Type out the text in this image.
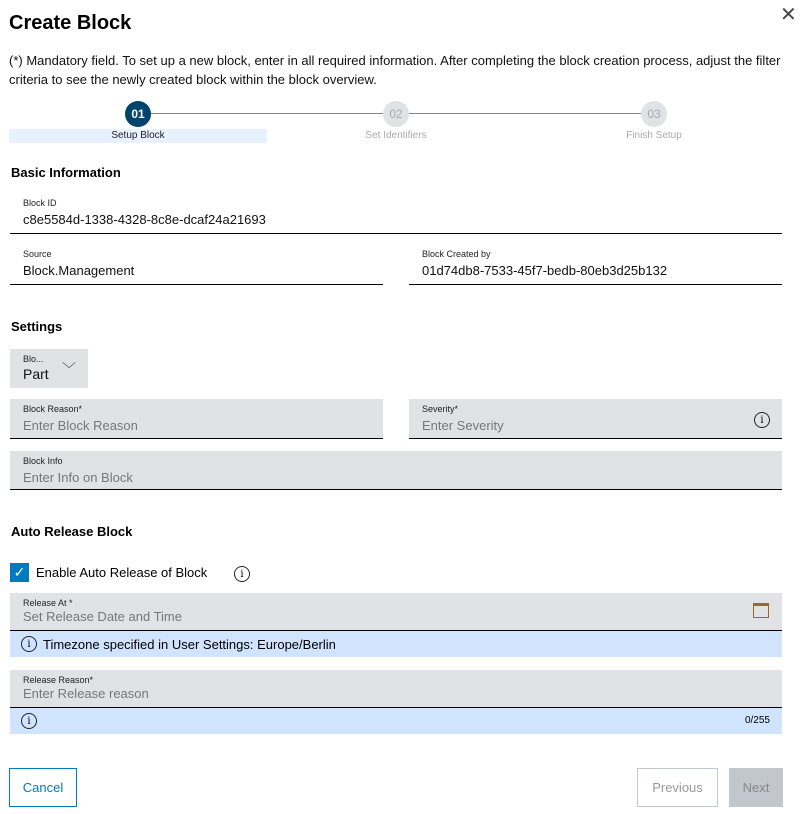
Create Block	✕
(*) Mandatory field. To set up a new block, enter in all required information. After completing the block creation process, adjust the filter criteria to see the newly created block within the block overview.
01	02	03
Setup Block	Set Identifiers	Finish Setup
Basic Information
Block ID
c8e5584d-1338-4328-8c8e-dcaf24a21693
Source
Block.Management
Block Created by
01d74db8-7533-45f7-bedb-80eb3d25b132
Settings
Blo...
Part ﹀
Block Reason*
Enter Block Reason
Severity*
Enter Severity	i
Block Info
Enter Info on Block
Auto Release Block
✓ Enable Auto Release of Block	i
Release At *
Set Release Date and Time
i Timezone specified in User Settings: Europe/Berlin
Release Reason*
Enter Release reason
i	0/255
Cancel	Previous	Next
